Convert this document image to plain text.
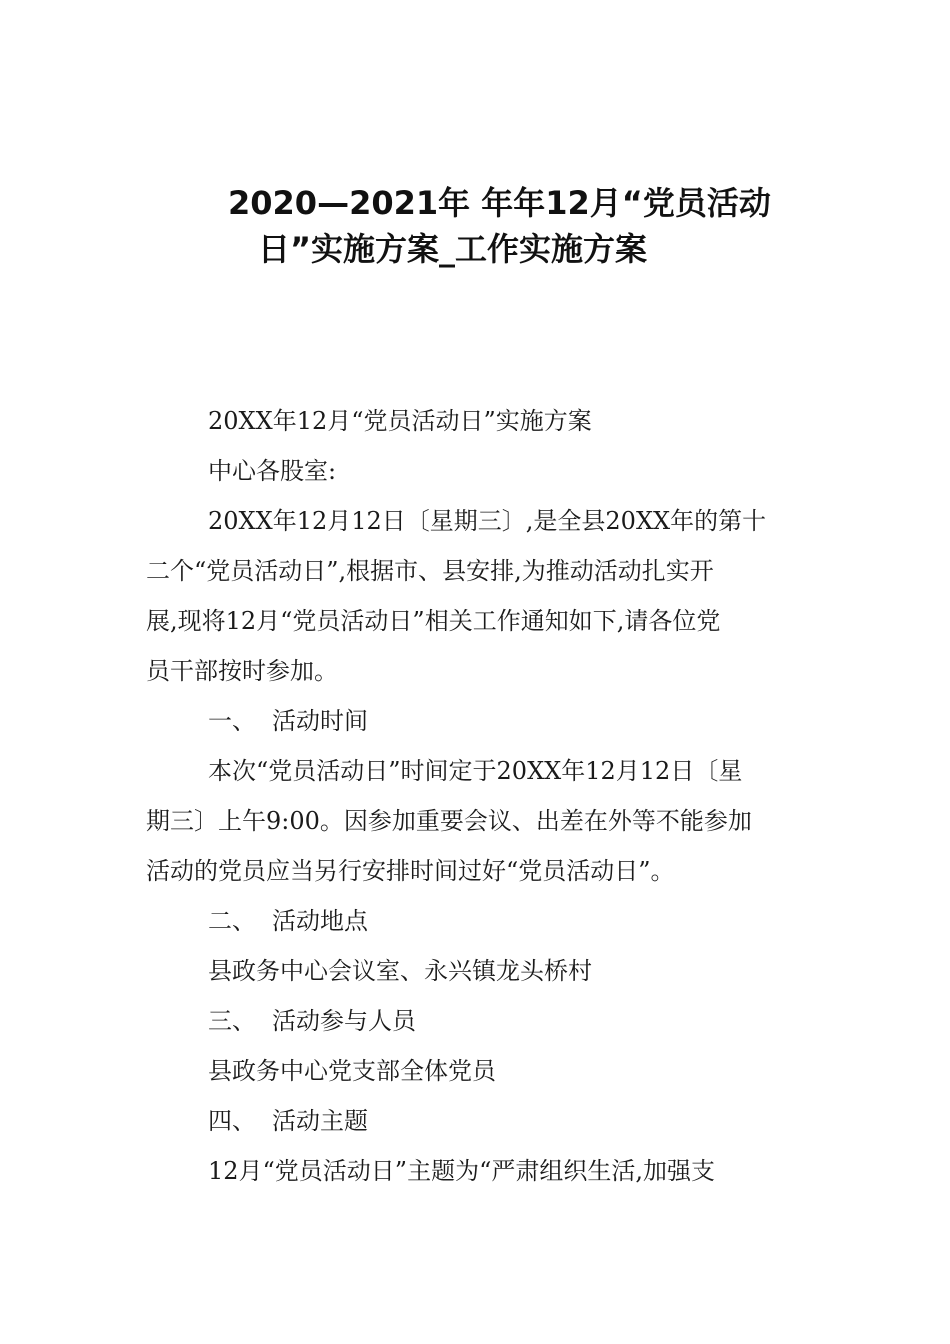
2020—2021年 年年12月“党员活动
日”实施方案_工作实施方案
20XX年12月“党员活动日”实施方案
中心各股室:
20XX年12月12日〔星期三〕,是全县20XX年的第十
二个“党员活动日”,根据市、县安排,为推动活动扎实开
展,现将12月“党员活动日”相关工作通知如下,请各位党
员干部按时参加。
一、 活动时间
本次“党员活动日”时间定于20XX年12月12日〔星
期三〕上午9:00。因参加重要会议、出差在外等不能参加
活动的党员应当另行安排时间过好“党员活动日”。
二、 活动地点
县政务中心会议室、永兴镇龙头桥村
三、 活动参与人员
县政务中心党支部全体党员
四、 活动主题
12月“党员活动日”主题为“严肃组织生活,加强支
